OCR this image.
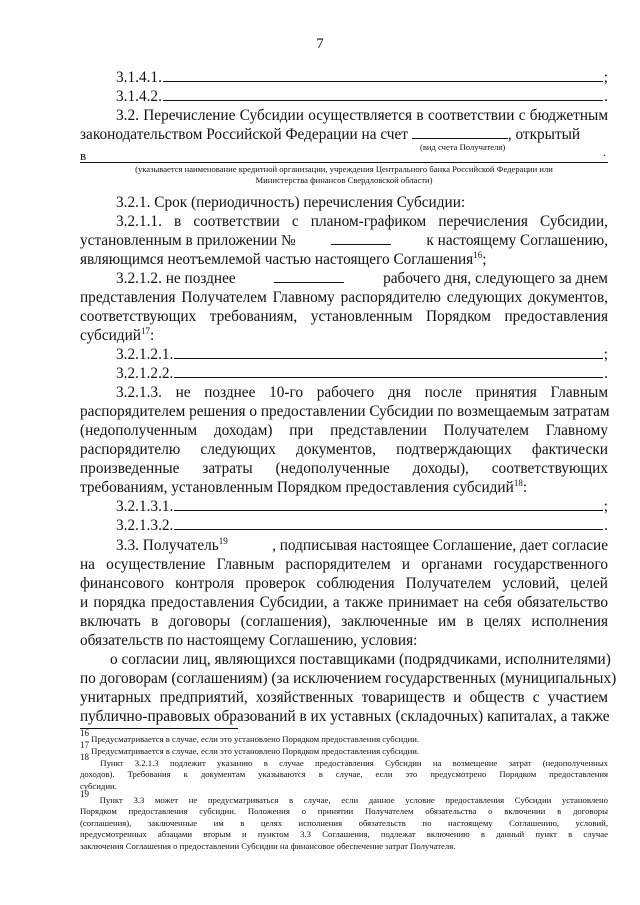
7
3.1.4.1.	;
3.1.4.2.	.
3.2. Перечисление Субсидии осуществляется в соответствии с бюджетным
законодательством Российской Федерации на счет	, открытый
в
(вид счета Получателя)	.
(указывается наименование кредитной организации, учреждения Центрального банка Российской Федерации или
Министерства финансов Свердловской области)
3.2.1. Срок (периодичность) перечисления Субсидии:
3.2.1.1. в соответствии с планом-графиком перечисления Субсидии,
установленным в приложении №	к настоящему Соглашению,
являющимся неотъемлемой частью настоящего Соглашения$^{16}$;
3.2.1.2. не позднее	рабочего дня, следующего за днем
представления Получателем Главному распорядителю следующих документов,
соответствующих требованиям, установленным Порядком предоставления
субсидий$^{17}$:
3.2.1.2.1.	;
3.2.1.2.2.	.
3.2.1.3. не позднее 10-го рабочего дня после принятия Главным
распорядителем решения о предоставлении Субсидии по возмещаемым затратам
(недополученным доходам) при представлении Получателем Главному
распорядителю следующих документов, подтверждающих фактически
произведенные затраты (недополученные доходы), соответствующих
требованиям, установленным Порядком предоставления субсидий$^{18}$:
3.2.1.3.1.	;
3.2.1.3.2.	.
3.3. Получатель$^{19}$	, подписывая настоящее Соглашение, дает согласие
на осуществление Главным распорядителем и органами государственного
финансового контроля проверок соблюдения Получателем условий, целей
и порядка предоставления Субсидии, а также принимает на себя обязательство
включать в договоры (соглашения), заключенные им в целях исполнения
обязательств по настоящему Соглашению, условия:
о согласии лиц, являющихся поставщиками (подрядчиками, исполнителями)
по договорам (соглашениям) (за исключением государственных (муниципальных)
унитарных предприятий, хозяйственных товариществ и обществ с участием
публично-правовых образований в их уставных (складочных) капиталах, а также
$^{16}$ Предусматривается в случае, если это установлено Порядком предоставления субсидии.
$^{17}$ Предусматривается в случае, если это установлено Порядком предоставления субсидии.
$^{18}$ Пункт 3.2.1.3 подлежит указанию в случае предоставления Субсидии на возмещение затрат (недополученных
доходов). Требования к документам указываются в случае, если это предусмотрено Порядком предоставления
субсидии.
$^{19}$ Пункт 3.3 может не предусматриваться в случае, если данное условие предоставления Субсидии установлено
Порядком предоставления субсидии. Положения о принятии Получателем обязательства о включении в договоры
(соглашения), заключенные им в целях исполнения обязательств по настоящему Соглашению, условий,
предусмотренных абзацами вторым и пунктом 3.3 Соглашения, подлежат включению в данный пункт в случае
заключения Соглашения о предоставлении Субсидии на финансовое обеспечение затрат Получателя.
